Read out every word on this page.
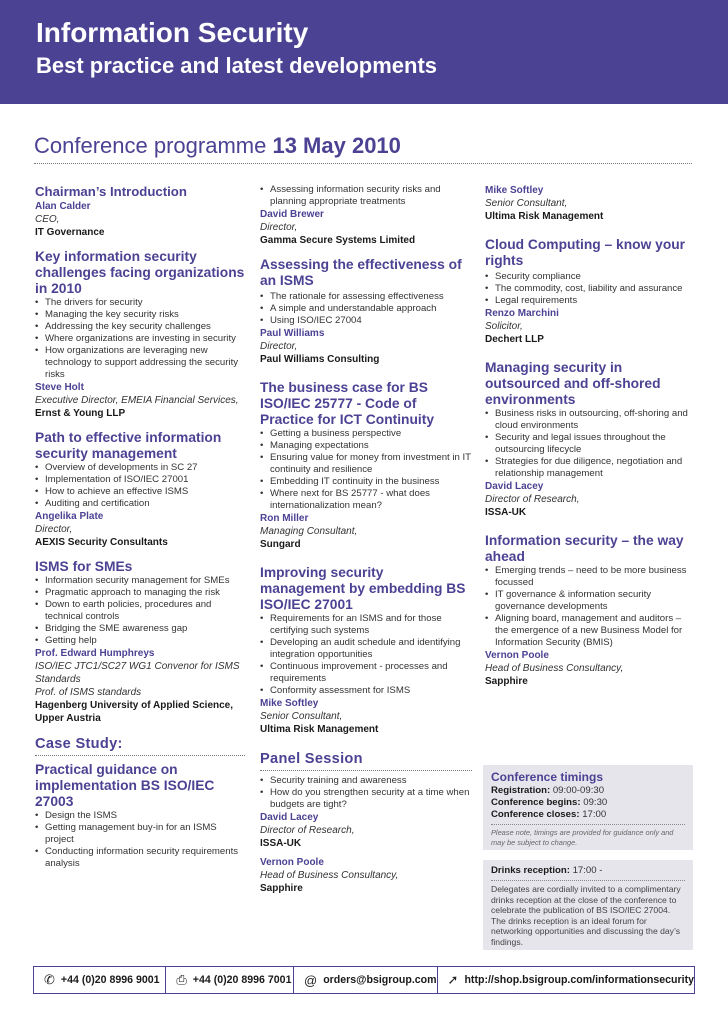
Information Security
Best practice and latest developments
Conference programme 13 May 2010
Chairman’s Introduction
Alan Calder
CEO,
IT Governance
Key information security challenges facing organizations in 2010
• The drivers for security
• Managing the key security risks
• Addressing the key security challenges
• Where organizations are investing in security
• How organizations are leveraging new technology to support addressing the security risks
Steve Holt
Executive Director, EMEIA Financial Services,
Ernst & Young LLP
Path to effective information security management
• Overview of developments in SC 27
• Implementation of ISO/IEC 27001
• How to achieve an effective ISMS
• Auditing and certification
Angelika Plate
Director,
AEXIS Security Consultants
ISMS for SMEs
• Information security management for SMEs
• Pragmatic approach to managing the risk
• Down to earth policies, procedures and technical controls
• Bridging the SME awareness gap
• Getting help
Prof. Edward Humphreys
ISO/IEC JTC1/SC27 WG1 Convenor for ISMS Standards
Prof. of ISMS standards
Hagenberg University of Applied Science, Upper Austria
Case Study:
Practical guidance on implementation BS ISO/IEC 27003
• Design the ISMS
• Getting management buy-in for an ISMS project
• Conducting information security requirements analysis
• Assessing information security risks and planning appropriate treatments
David Brewer
Director,
Gamma Secure Systems Limited
Assessing the effectiveness of an ISMS
• The rationale for assessing effectiveness
• A simple and understandable approach
• Using ISO/IEC 27004
Paul Williams
Director,
Paul Williams Consulting
The business case for BS ISO/IEC 25777 - Code of Practice for ICT Continuity
• Getting a business perspective
• Managing expectations
• Ensuring value for money from investment in IT continuity and resilience
• Embedding IT continuity in the business
• Where next for BS 25777 - what does internationalization mean?
Ron Miller
Managing Consultant,
Sungard
Improving security management by embedding BS ISO/IEC 27001
• Requirements for an ISMS and for those certifying such systems
• Developing an audit schedule and identifying integration opportunities
• Continuous improvement - processes and requirements
• Conformity assessment for ISMS
Mike Softley
Senior Consultant,
Ultima Risk Management
Panel Session
• Security training and awareness
• How do you strengthen security at a time when budgets are tight?
David Lacey
Director of Research,
ISSA-UK
Vernon Poole
Head of Business Consultancy,
Sapphire
Mike Softley
Senior Consultant,
Ultima Risk Management
Cloud Computing – know your rights
• Security compliance
• The commodity, cost, liability and assurance
• Legal requirements
Renzo Marchini
Solicitor,
Dechert LLP
Managing security in outsourced and off-shored environments
• Business risks in outsourcing, off-shoring and cloud environments
• Security and legal issues throughout the outsourcing lifecycle
• Strategies for due diligence, negotiation and relationship management
David Lacey
Director of Research,
ISSA-UK
Information security – the way ahead
• Emerging trends – need to be more business focussed
• IT governance & information security governance developments
• Aligning board, management and auditors – the emergence of a new Business Model for Information Security (BMIS)
Vernon Poole
Head of Business Consultancy,
Sapphire
Conference timings
Registration: 09:00-09:30
Conference begins: 09:30
Conference closes: 17:00
Please note, timings are provided for guidance only and may be subject to change.
Drinks reception: 17:00 -
Delegates are cordially invited to a complimentary drinks reception at the close of the conference to celebrate the publication of BS ISO/IEC 27004. The drinks reception is an ideal forum for networking opportunities and discussing the day’s findings.
✆ +44 (0)20 8996 9001 ⎙ +44 (0)20 8996 7001 @ orders@bsigroup.com ➚ http://shop.bsigroup.com/informationsecurity
